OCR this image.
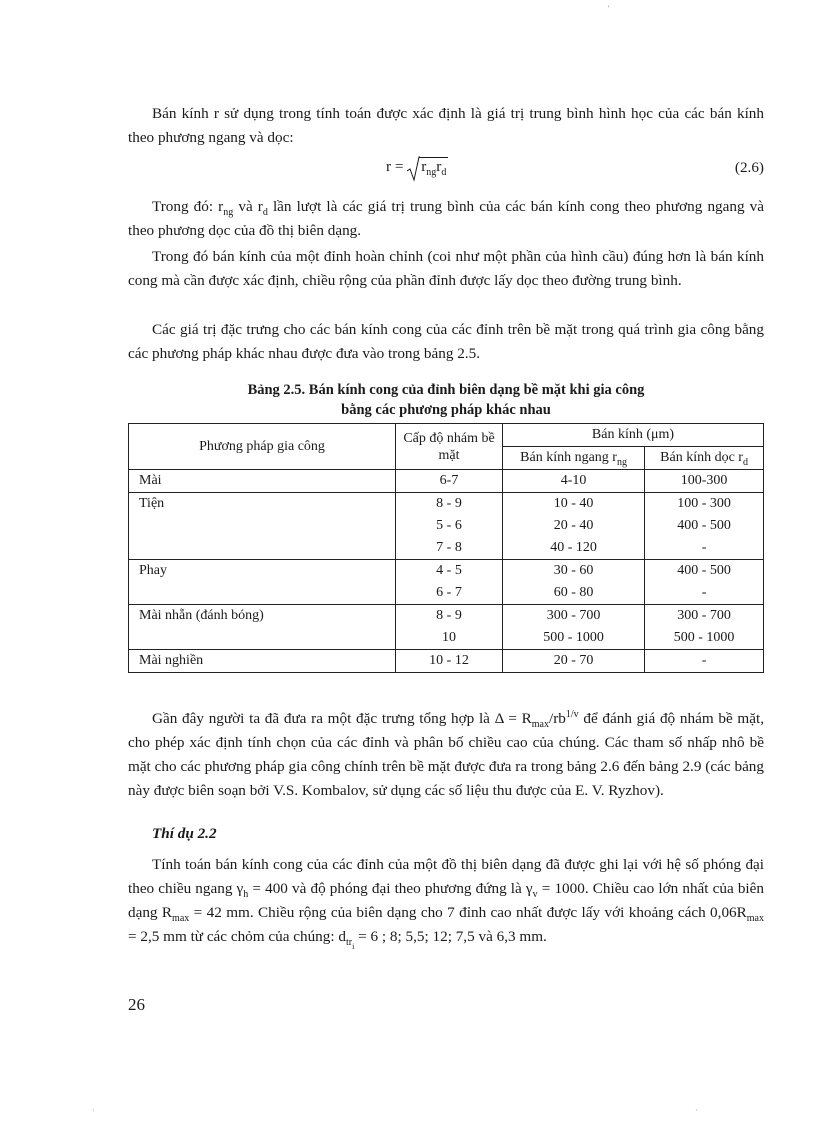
Bán kính r sử dụng trong tính toán được xác định là giá trị trung bình hình học của các bán kính theo phương ngang và dọc:

r =
$r_{ng}r_d$	(2.6)

Trong đó: $r_{ng}$ và $r_d$ lần lượt là các giá trị trung bình của các bán kính cong theo phương ngang và theo phương dọc của đồ thị biên dạng.

Trong đó bán kính của một đỉnh hoàn chỉnh (coi như một phần của hình cầu) đúng hơn là bán kính cong mà cần được xác định, chiều rộng của phần đỉnh được lấy dọc theo đường trung bình.

Các giá trị đặc trưng cho các bán kính cong của các đỉnh trên bề mặt trong quá trình gia công bằng các phương pháp khác nhau được đưa vào trong bảng 2.5.

Bảng 2.5. Bán kính cong của đỉnh biên dạng bề mặt khi gia công
bằng các phương pháp khác nhau
Phương pháp gia công	Cấp độ nhám bề mặt	Bán kính (μm)	
		Bán kính ngang $r_{ng}$	Bán kính dọc $r_d$
Mài	6-7	4-10	100-300
Tiện	8 - 9	10 - 40	100 - 300
	5 - 6	20 - 40	400 - 500
	7 - 8	40 - 120	-
Phay	4 - 5	30 - 60	400 - 500
	6 - 7	60 - 80	-
Mài nhẵn (đánh bóng)	8 - 9	300 - 700	300 - 700
	10	500 - 1000	500 - 1000
Mài nghiền	10 - 12	20 - 70	-

Gần đây người ta đã đưa ra một đặc trưng tổng hợp là $\Delta = R_{max}/rb^{1/v}$ để đánh giá độ nhám bề mặt, cho phép xác định tính chọn của các đỉnh và phân bố chiều cao của chúng. Các tham số nhấp nhô bề mặt cho các phương pháp gia công chính trên bề mặt được đưa ra trong bảng 2.6 đến bảng 2.9 (các bảng này được biên soạn bởi V.S. Kombalov, sử dụng các số liệu thu được của E. V. Ryzhov).

Thí dụ 2.2

Tính toán bán kính cong của các đỉnh của một đồ thị biên dạng đã được ghi lại với hệ số phóng đại theo chiều ngang $\gamma_h = 400$ và độ phóng đại theo phương đứng là $\gamma_v = 1000$. Chiều cao lớn nhất của biên dạng $R_{max} = 42$ mm. Chiều rộng của biên dạng cho 7 đỉnh cao nhất được lấy với khoảng cách $0,06R_{max} = 2,5$ mm từ các chỏm của chúng: $d_{tr_i} = 6$ ; 8; 5,5; 12; 7,5 và 6,3 mm.

26
'
·	·
